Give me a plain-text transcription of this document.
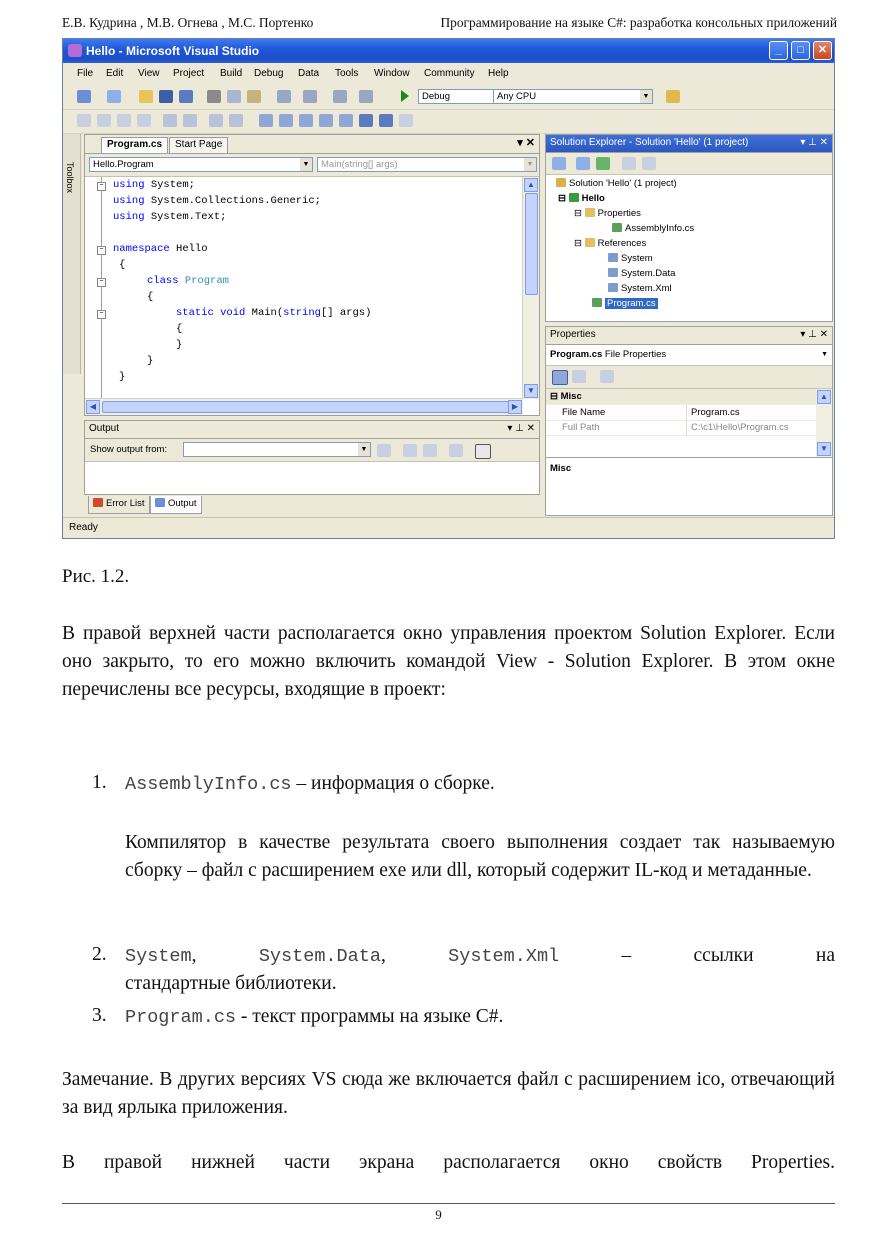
Е.В. Кудрина , М.В. Огнева , М.С. Портенко	Программирование на языке C#: разработка консольных приложений
Hello - Microsoft Visual Studio	_	□	✕
File Edit View Project Build Debug Data Tools Window Community Help
Debug	Any CPU	▼
Toolbox
Program.cs	Start Page	▾ ✕
Hello.Program	▼	Main(string[] args)	▼
− using System;
using System.Collections.Generic;
using System.Text;
− namespace Hello
{
−	class Program
{
−	static void Main(string[] args)
{
}
}
}
▲
▼
◀	▶
Output	▾ ⊥ ✕
Show output from:	▼
Error List	Output
Solution Explorer - Solution 'Hello' (1 project)	▾ ⊥ ✕
Solution 'Hello' (1 project)
⊟ Hello
⊟ Properties
AssemblyInfo.cs
⊟ References
System
System.Data
System.Xml
Program.cs
Properties	▾ ⊥ ✕
Program.cs File Properties	▼
⊟ Misc
File Name	Program.cs
Full Path	C:\c1\Hello\Program.cs
▲
▼
Misc
Ready
Рис. 1.2.
В правой верхней части располагается окно управления проектом Solution Explorer. Если оно закрыто, то его можно включить командой View - Solution Explorer. В этом окне перечислены все ресурсы, входящие в проект:
1. AssemblyInfo.cs – информация о сборке.
Компилятор в качестве результата своего выполнения создает так называемую сборку – файл с расширением exe или dll, который содержит IL-код и метаданные.
2. System, System.Data, System.Xml	– ссылки на
стандартные библиотеки.
3. Program.cs - текст программы на языке C#.
Замечание. В других версиях VS сюда же включается файл с расширением ico, отвечающий за вид ярлыка приложения.
В правой нижней части экрана располагается окно свойств Properties.
9
